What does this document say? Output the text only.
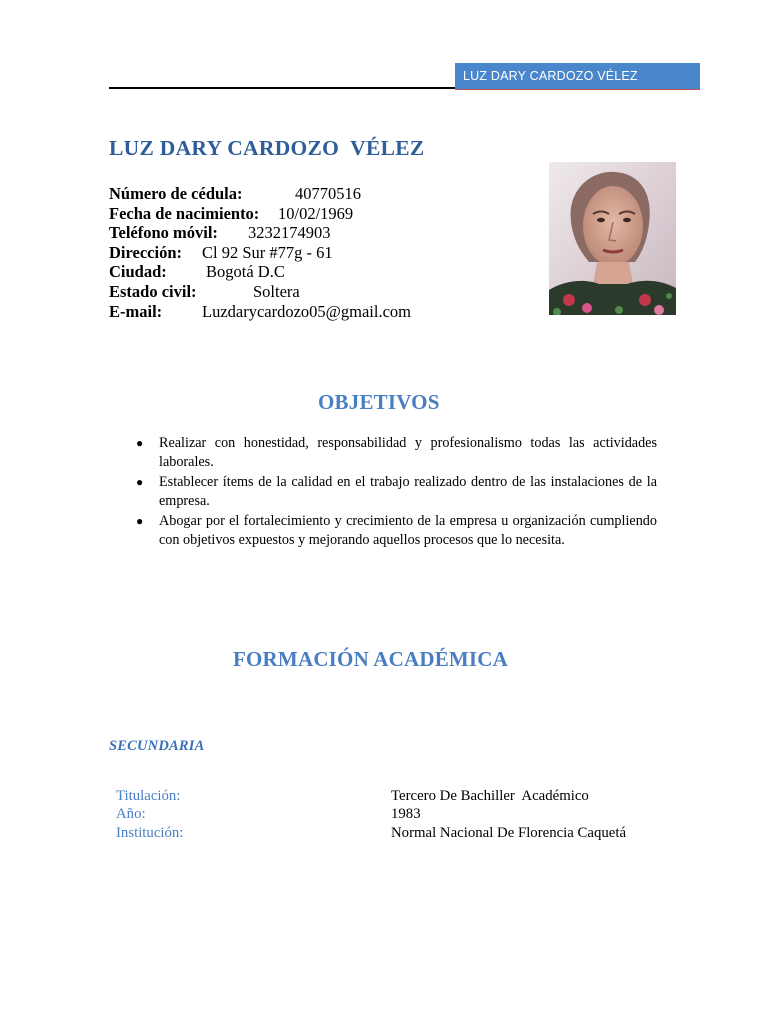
LUZ DARY CARDOZO VÉLEZ
LUZ DARY CARDOZO  VÉLEZ
Número de cédula:	40770516
Fecha de nacimiento: 10/02/1969
Teléfono móvil: 3232174903
Dirección: Cl 92 Sur #77g - 61
Ciudad: Bogotá D.C
Estado civil:	Soltera
E-mail: Luzdarycardozo05@gmail.com
OBJETIVOS
● Realizar con honestidad, responsabilidad y profesionalismo todas las actividades laborales.
● Establecer ítems de la calidad en el trabajo realizado dentro de las instalaciones de la empresa.
● Abogar por el fortalecimiento y crecimiento de la empresa u organización cumpliendo con objetivos expuestos y mejorando aquellos procesos que lo necesita.
FORMACIÓN ACADÉMICA
SECUNDARIA
Titulación:	Tercero De Bachiller  Académico
Año:	1983
Institución:	Normal Nacional De Florencia Caquetá
